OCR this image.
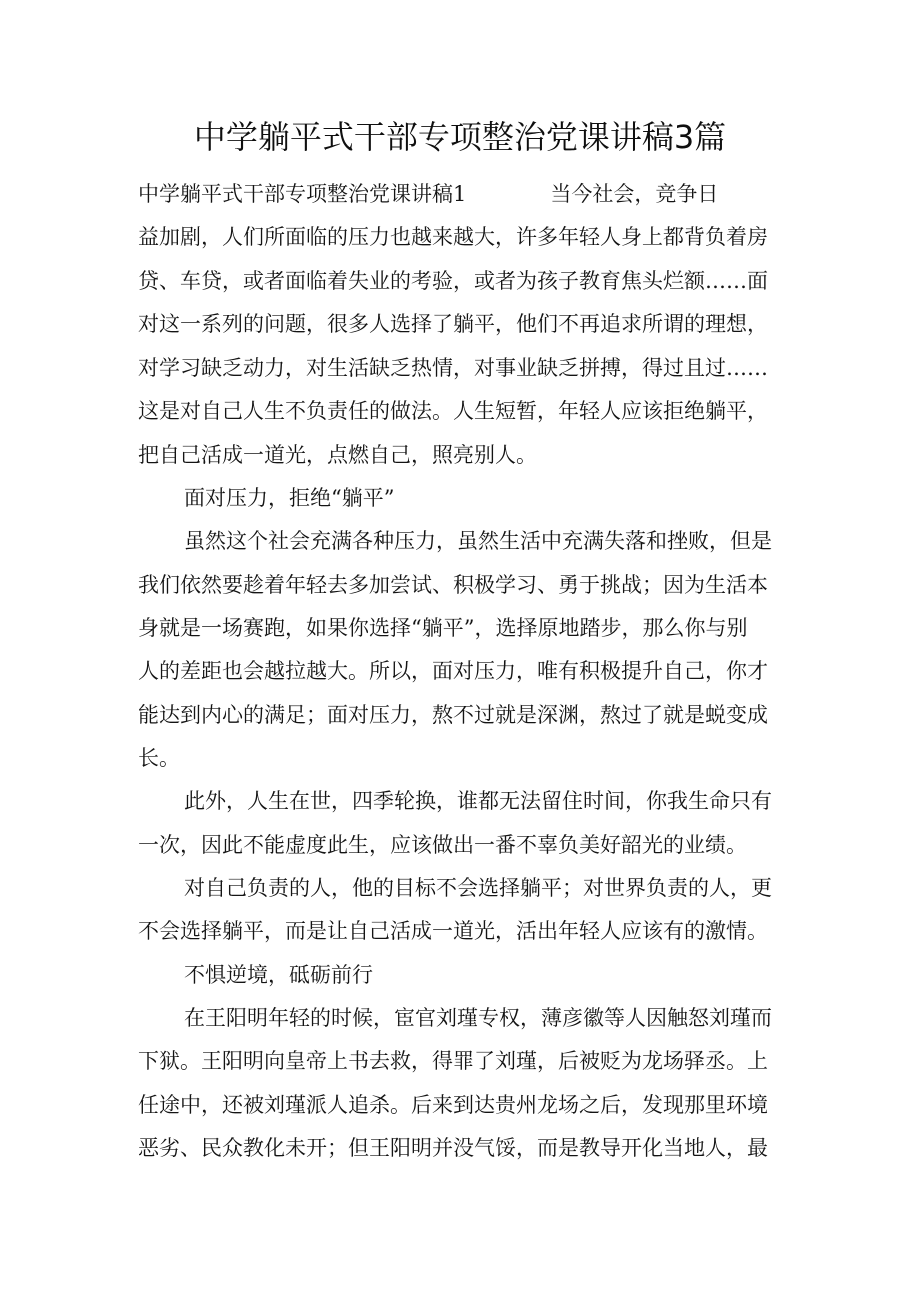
中学躺平式干部专项整治党课讲稿3篇
中学躺平式干部专项整治党课讲稿1	当今社会，竞争日
益加剧，人们所面临的压力也越来越大，许多年轻人身上都背负着房
贷、车贷，或者面临着失业的考验，或者为孩子教育焦头烂额……面
对这一系列的问题，很多人选择了躺平，他们不再追求所谓的理想，
对学习缺乏动力，对生活缺乏热情，对事业缺乏拼搏，得过且过……
这是对自己人生不负责任的做法。人生短暂，年轻人应该拒绝躺平，
把自己活成一道光，点燃自己，照亮别人。
面对压力，拒绝“躺平”
虽然这个社会充满各种压力，虽然生活中充满失落和挫败，但是
我们依然要趁着年轻去多加尝试、积极学习、勇于挑战；因为生活本
身就是一场赛跑，如果你选择“躺平”，选择原地踏步，那么你与别
人的差距也会越拉越大。所以，面对压力，唯有积极提升自己，你才
能达到内心的满足；面对压力，熬不过就是深渊，熬过了就是蜕变成
长。
此外，人生在世，四季轮换，谁都无法留住时间，你我生命只有
一次，因此不能虚度此生，应该做出一番不辜负美好韶光的业绩。
对自己负责的人，他的目标不会选择躺平；对世界负责的人，更
不会选择躺平，而是让自己活成一道光，活出年轻人应该有的激情。
不惧逆境，砥砺前行
在王阳明年轻的时候，宦官刘瑾专权，薄彦徽等人因触怒刘瑾而
下狱。王阳明向皇帝上书去救，得罪了刘瑾，后被贬为龙场驿丞。上
任途中，还被刘瑾派人追杀。后来到达贵州龙场之后，发现那里环境
恶劣、民众教化未开；但王阳明并没气馁，而是教导开化当地人，最
